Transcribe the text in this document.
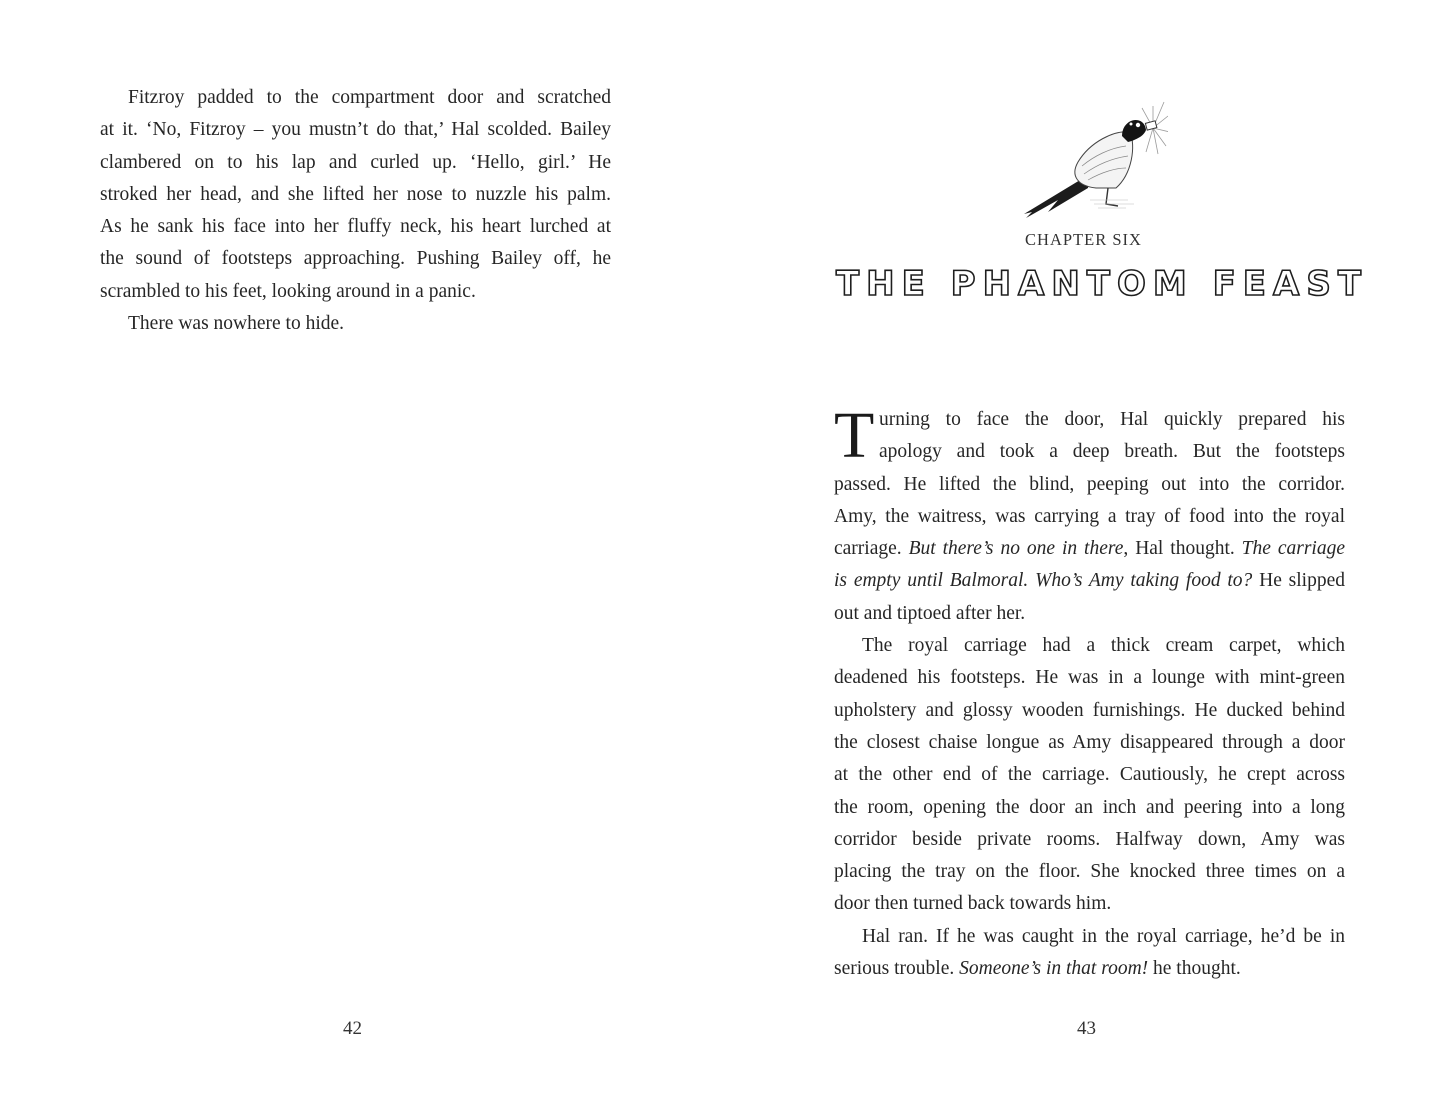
Fitzroy padded to the compartment door and scratched
at it. ‘No, Fitzroy – you mustn’t do that,’ Hal scolded. Bailey
clambered on to his lap and curled up. ‘Hello, girl.’ He
stroked her head, and she lifted her nose to nuzzle his palm.
As he sank his face into her fluffy neck, his heart lurched at
the sound of footsteps approaching. Pushing Bailey off, he
scrambled to his feet, looking around in a panic.
There was nowhere to hide.
42
CHAPTER SIX
THE PHANTOM FEAST
T urning to face the door, Hal quickly prepared his
apology and took a deep breath. But the footsteps
passed. He lifted the blind, peeping out into the corridor.
Amy, the waitress, was carrying a tray of food into the royal
carriage. But there’s no one in there, Hal thought. The carriage
is empty until Balmoral. Who’s Amy taking food to? He slipped
out and tiptoed after her.
The royal carriage had a thick cream carpet, which
deadened his footsteps. He was in a lounge with mint-green
upholstery and glossy wooden furnishings. He ducked behind
the closest chaise longue as Amy disappeared through a door
at the other end of the carriage. Cautiously, he crept across
the room, opening the door an inch and peering into a long
corridor beside private rooms. Halfway down, Amy was
placing the tray on the floor. She knocked three times on a
door then turned back towards him.
Hal ran. If he was caught in the royal carriage, he’d be in
serious trouble. Someone’s in that room! he thought.
43
